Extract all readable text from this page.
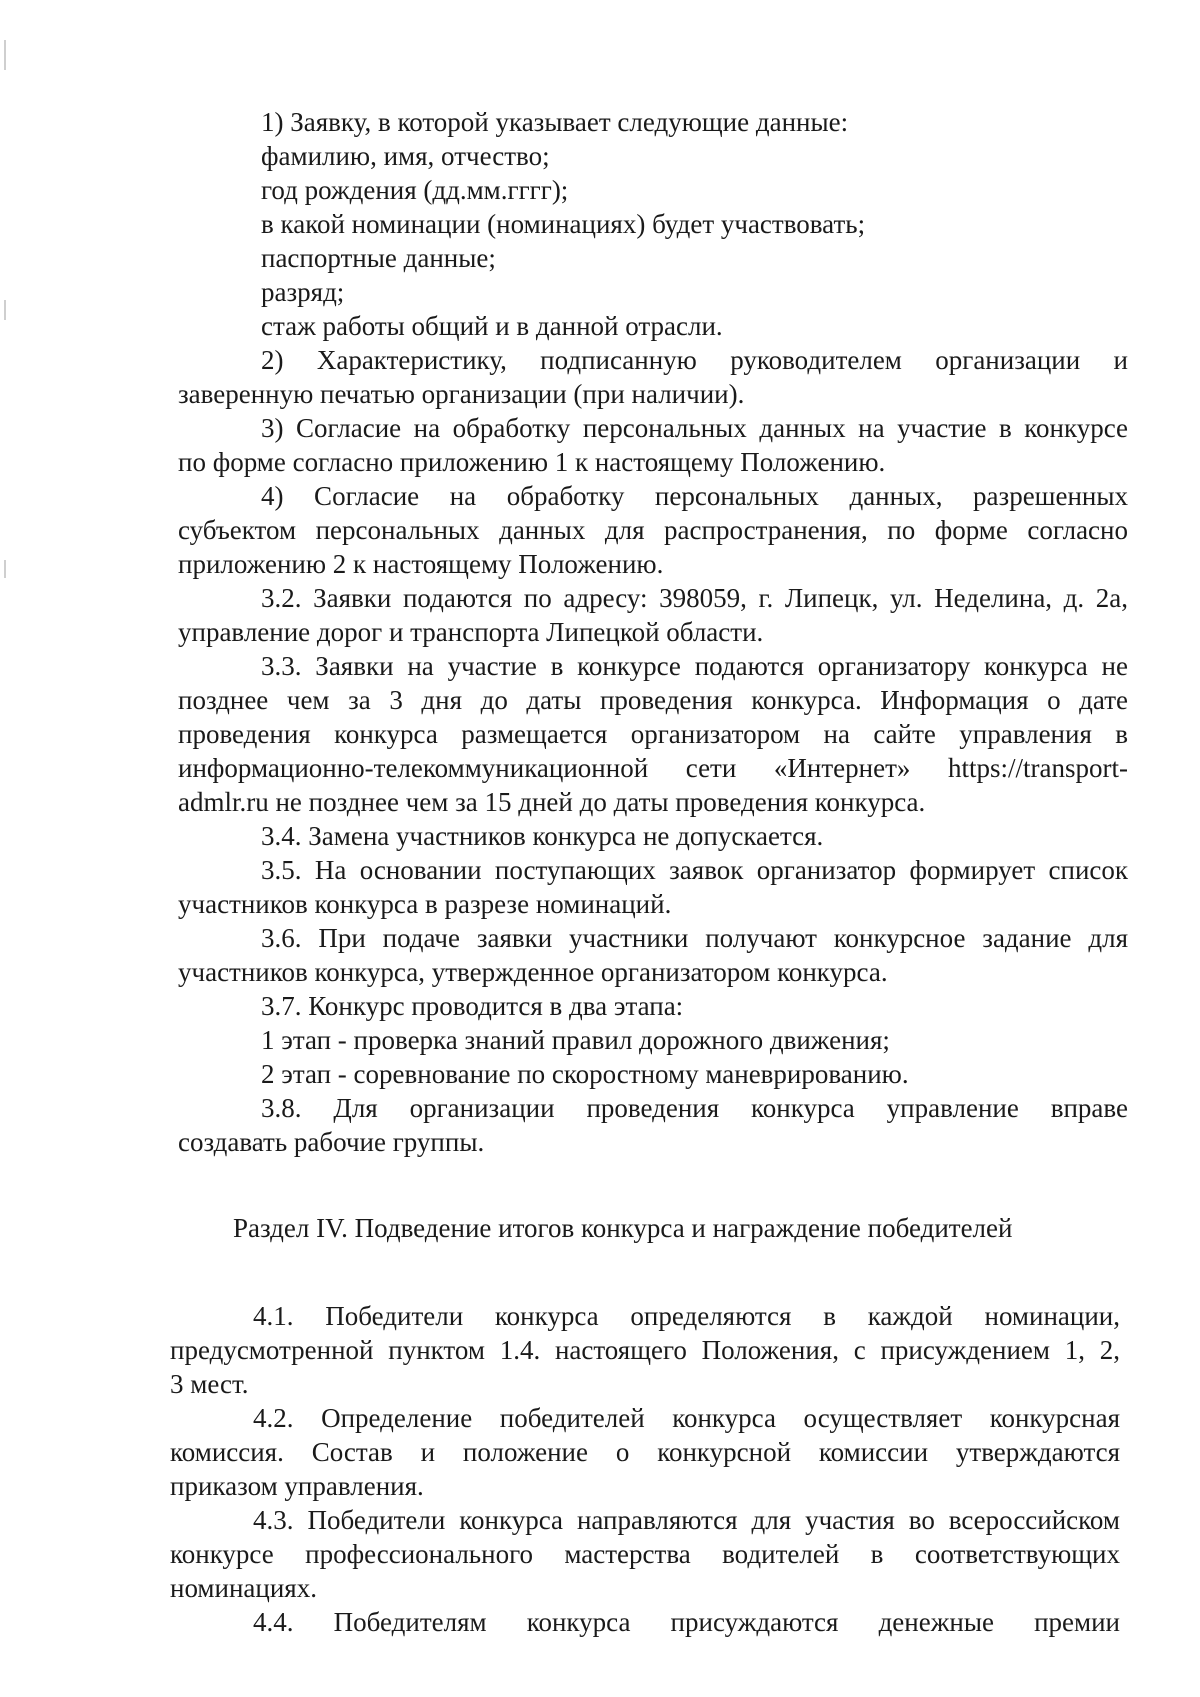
1) Заявку, в которой указывает следующие данные:
фамилию, имя, отчество;
год рождения (дд.мм.гггг);
в какой номинации (номинациях) будет участвовать;
паспортные данные;
разряд;
стаж работы общий и в данной отрасли.
2) Характеристику, подписанную руководителем организации и
заверенную печатью организации (при наличии).
3) Согласие на обработку персональных данных на участие в конкурсе
по форме согласно приложению 1 к настоящему Положению.
4) Согласие на обработку персональных данных, разрешенных
субъектом персональных данных для распространения, по форме согласно
приложению 2 к настоящему Положению.
3.2. Заявки подаются по адресу: 398059, г. Липецк, ул. Неделина, д. 2а,
управление дорог и транспорта Липецкой области.
3.3. Заявки на участие в конкурсе подаются организатору конкурса не
позднее чем за 3 дня до даты проведения конкурса. Информация о дате
проведения конкурса размещается организатором на сайте управления в
информационно-телекоммуникационной сети «Интернет» https://transport-
admlr.ru не позднее чем за 15 дней до даты проведения конкурса.
3.4. Замена участников конкурса не допускается.
3.5. На основании поступающих заявок организатор формирует список
участников конкурса в разрезе номинаций.
3.6. При подаче заявки участники получают конкурсное задание для
участников конкурса, утвержденное организатором конкурса.
3.7. Конкурс проводится в два этапа:
1 этап - проверка знаний правил дорожного движения;
2 этап - соревнование по скоростному маневрированию.
3.8. Для организации проведения конкурса управление вправе
создавать рабочие группы.
Раздел IV. Подведение итогов конкурса и награждение победителей
4.1. Победители конкурса определяются в каждой номинации,
предусмотренной пунктом 1.4. настоящего Положения, с присуждением 1, 2,
3 мест.
4.2. Определение победителей конкурса осуществляет конкурсная
комиссия. Состав и положение о конкурсной комиссии утверждаются
приказом управления.
4.3. Победители конкурса направляются для участия во всероссийском
конкурсе профессионального мастерства водителей в соответствующих
номинациях.
4.4. Победителям конкурса присуждаются денежные премии
